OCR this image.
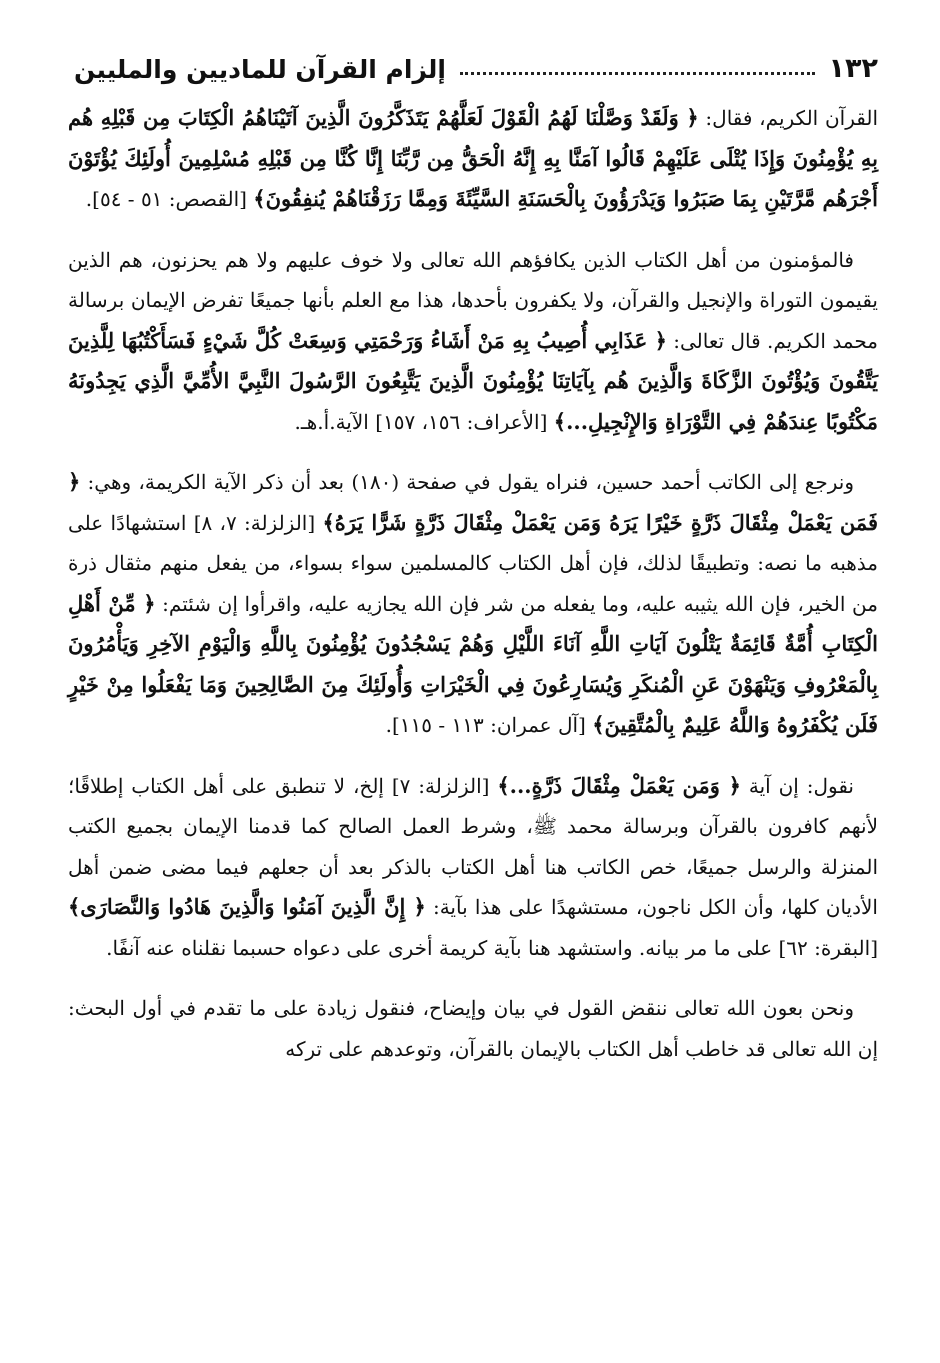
١٣٢
إلزام القرآن للماديين والمليين

القرآن الكريم، فقال: ﴿ وَلَقَدْ وَصَّلْنَا لَهُمُ الْقَوْلَ لَعَلَّهُمْ يَتَذَكَّرُونَ الَّذِينَ آتَيْنَاهُمُ الْكِتَابَ مِن قَبْلِهِ هُم بِهِ يُؤْمِنُونَ وَإِذَا يُتْلَى عَلَيْهِمْ قَالُوا آمَنَّا بِهِ إِنَّهُ الْحَقُّ مِن رَّبِّنَا إِنَّا كُنَّا مِن قَبْلِهِ مُسْلِمِينَ أُولَئِكَ يُؤْتَوْنَ أَجْرَهُم مَّرَّتَيْنِ بِمَا صَبَرُوا وَيَدْرَؤُونَ بِالْحَسَنَةِ السَّيِّئَةَ وَمِمَّا رَزَقْنَاهُمْ يُنفِقُونَ﴾ [القصص: ٥١ - ٥٤].

فالمؤمنون من أهل الكتاب الذين يكافؤهم الله تعالى ولا خوف عليهم ولا هم يحزنون، هم الذين يقيمون التوراة والإنجيل والقرآن، ولا يكفرون بأحدها، هذا مع العلم بأنها جميعًا تفرض الإيمان برسالة محمد الكريم. قال تعالى: ﴿ عَذَابِي أُصِيبُ بِهِ مَنْ أَشَاءُ وَرَحْمَتِي وَسِعَتْ كُلَّ شَيْءٍ فَسَأَكْتُبُهَا لِلَّذِينَ يَتَّقُونَ وَيُؤْتُونَ الزَّكَاةَ وَالَّذِينَ هُم بِآيَاتِنَا يُؤْمِنُونَ الَّذِينَ يَتَّبِعُونَ الرَّسُولَ النَّبِيَّ الأُمِّيَّ الَّذِي يَجِدُونَهُ مَكْتُوبًا عِندَهُمْ فِي التَّوْرَاةِ وَالإِنْجِيلِ...﴾ [الأعراف: ١٥٦، ١٥٧] الآية.أ.هـ.

ونرجع إلى الكاتب أحمد حسين، فنراه يقول في صفحة (١٨٠) بعد أن ذكر الآية الكريمة، وهي: ﴿ فَمَن يَعْمَلْ مِثْقَالَ ذَرَّةٍ خَيْرًا يَرَهُ وَمَن يَعْمَلْ مِثْقَالَ ذَرَّةٍ شَرًّا يَرَهُ﴾ [الزلزلة: ٧، ٨] استشهادًا على مذهبه ما نصه: وتطبيقًا لذلك، فإن أهل الكتاب كالمسلمين سواء بسواء، من يفعل منهم مثقال ذرة من الخير، فإن الله يثيبه عليه، وما يفعله من شر فإن الله يجازيه عليه، واقرأوا إن شئتم: ﴿ مِّنْ أَهْلِ الْكِتَابِ أُمَّةٌ قَائِمَةٌ يَتْلُونَ آيَاتِ اللَّهِ آنَاءَ اللَّيْلِ وَهُمْ يَسْجُدُونَ يُؤْمِنُونَ بِاللَّهِ وَالْيَوْمِ الآخِرِ وَيَأْمُرُونَ بِالْمَعْرُوفِ وَيَنْهَوْنَ عَنِ الْمُنكَرِ وَيُسَارِعُونَ فِي الْخَيْرَاتِ وَأُولَئِكَ مِنَ الصَّالِحِينَ وَمَا يَفْعَلُوا مِنْ خَيْرٍ فَلَن يُكْفَرُوهُ وَاللَّهُ عَلِيمٌ بِالْمُتَّقِينَ﴾ [آل عمران: ١١٣ - ١١٥].

نقول: إن آية ﴿ وَمَن يَعْمَلْ مِثْقَالَ ذَرَّةٍ...﴾ [الزلزلة: ٧] إلخ، لا تنطبق على أهل الكتاب إطلاقًا؛ لأنهم كافرون بالقرآن وبرسالة محمد ﷺ، وشرط العمل الصالح كما قدمنا الإيمان بجميع الكتب المنزلة والرسل جميعًا، خص الكاتب هنا أهل الكتاب بالذكر بعد أن جعلهم فيما مضى ضمن أهل الأديان كلها، وأن الكل ناجون، مستشهدًا على هذا بآية: ﴿ إِنَّ الَّذِينَ آمَنُوا وَالَّذِينَ هَادُوا وَالنَّصَارَى﴾ [البقرة: ٦٢] على ما مر بيانه. واستشهد هنا بآية كريمة أخرى على دعواه حسبما نقلناه عنه آنفًا.

ونحن بعون الله تعالى ننقض القول في بيان وإيضاح، فنقول زيادة على ما تقدم في أول البحث: إن الله تعالى قد خاطب أهل الكتاب بالإيمان بالقرآن، وتوعدهم على تركه
